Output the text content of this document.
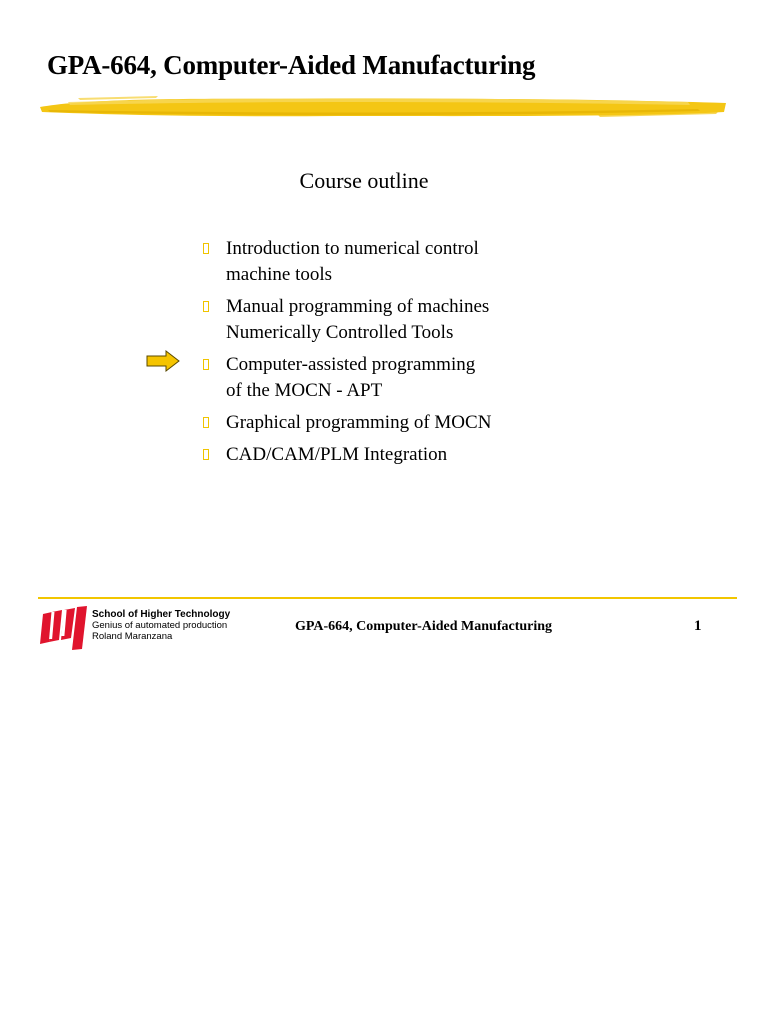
GPA-664, Computer-Aided Manufacturing
Course outline
Introduction to numerical control
machine tools
Manual programming of machines
Numerically Controlled Tools
Computer-assisted programming
of the MOCN - APT
Graphical programming of MOCN
CAD/CAM/PLM Integration
School of Higher Technology
Genius of automated production
Roland Maranzana
GPA-664, Computer-Aided Manufacturing	1
